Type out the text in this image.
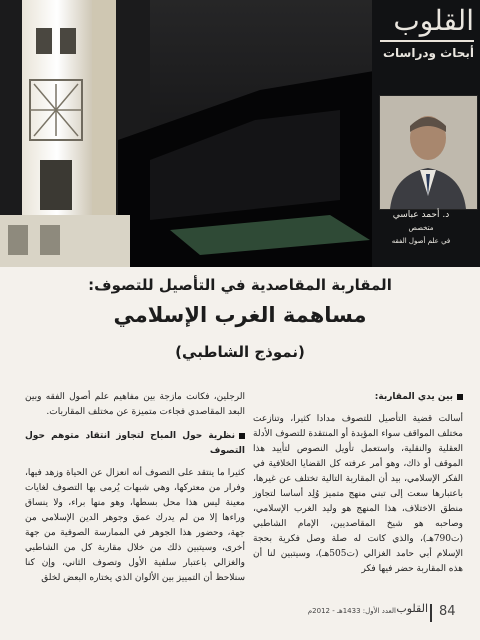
القلوب
أبحاث ودراسات
د. أحمد عباسي
متخصص
في علم أصول الفقه
المقاربة المقاصدية في التأصيل للتصوف:
مساهمة الغرب الإسلامي
(نموذج الشاطبي)
بين يدي المقاربة:

أسالت قضية التأصيل للتصوف مدادا كثيرا، وتنازعت مختلف المواقف سواء المؤيدة أو المنتقدة للتصوف الأدلة العقلية والنقلية، واستعمل تأويل النصوص لتأييد هذا الموقف أو ذاك، وهو أمر عرفته كل القضايا الخلافية في الفكر الإسلامي، بيد أن المقاربة التالية تختلف عن غيرها، باعتبارها سعت إلى تبني منهج متميز وُلِد أساسا لتجاوز منطق الاختلاف، هذا المنهج هو وليد الغرب الإسلامي، وصاحبه هو شيخ المقاصديين، الإمام الشاطبي (ت790هـ)، والذي كانت له صلة وصل فكرية بحجة الإسلام أبي حامد الغزالي (ت505هـ)، وسيتبين لنا أن هذه المقاربة حضر فيها فكر

الرجلين، فكانت مازجة بين مفاهيم علم أصول الفقه وبين البعد المقاصدي فجاءت متميزة عن مختلف المقاربات.

نظرية حول المباح لتجاوز انتقاد متوهم حول التصوف

كثيرا ما ينتقد على التصوف أنه انعزال عن الحياة وزهد فيها، وفرار من معتركها، وهي شبهات يُرمى بها التصوف لغايات معينة ليس هذا محل بسطها، وهو منها براء، ولا ينساق وراءها إلا من لم يدرك عمق وجوهر الدين الإسلامي من جهة، وحضور هذا الجوهر في الممارسة الصوفية من جهة أخرى، وسيتبين ذلك من خلال مقاربة كل من الشاطبي والغزالي باعتبار سلفية الأول وتصوف الثاني، وإن كنا سنلاحظ أن التمييز بين الألوان الذي يختاره البعض لخلق

84
القلوب
العدد الأول: 1433هـ - 2012م
